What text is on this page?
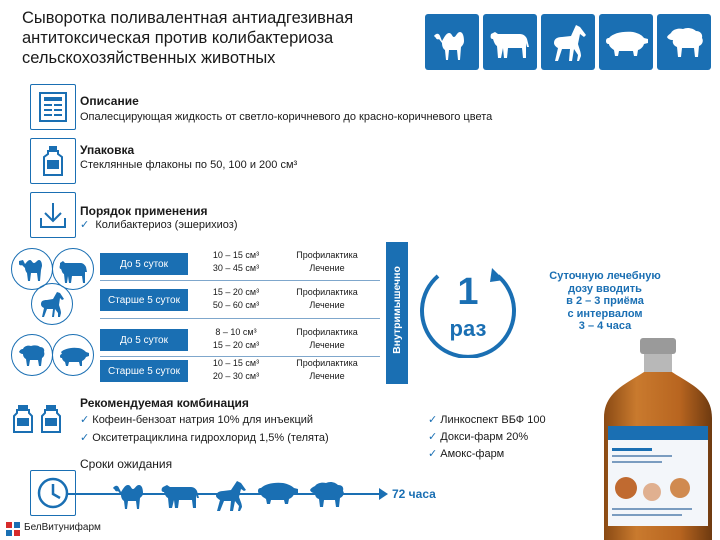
Сыворотка поливалентная антиадгезивная
антитоксическая против колибактериоза
сельскохозяйственных животных
Описание
Опалесцирующая жидкость от светло-коричневого до красно-коричневого цвета
Упаковка
Стеклянные флаконы по 50, 100 и 200 см³
Порядок применения
✓ Колибактериоз (эшерихиоз)
До 5 суток
10 – 15 см³
30 – 45 см³
Профилактика
Лечение
Старше 5 суток
15 – 20 см³
50 – 60 см³
Профилактика
Лечение
До 5 суток
8 – 10 см³
15 – 20 см³
Профилактика
Лечение
Старше 5 суток
10 – 15 см³
20 – 30 см³
Профилактика
Лечение
Внутримышечно	1
раз
Суточную лечебную
дозу вводить
в 2 – 3 приёма
с интервалом
3 – 4 часа
Рекомендуемая комбинация
✓ Кофеин-бензоат натрия 10% для инъекций
✓ Окситетрациклина гидрохлорид 1,5% (телята)
✓ Линкоспект ВБФ 100
✓ Докси-фарм 20%
✓ Амокс-фарм
Сроки ожидания
72 часа
БелВитунифарм
